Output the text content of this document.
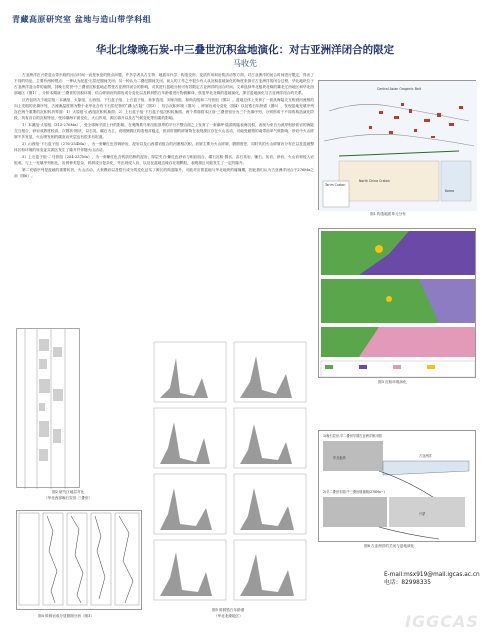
青藏高原研究室 盆地与造山带学科组
华北北缘晚石炭-中三叠世沉积盆地演化：对古亚洲洋闭合的限定
马收先

古亚洲洋在兴蒙造山带东段的闭合时间一直是争论的焦点问题，许多学者从古生物、地质年代学、构造变形、变质作用和岩浆活动等方面，对古亚洲洋的闭合时间进行限定，得出了不同的结论，主要有两种观点：一种认为泥盆-石炭纪期间关闭；另一种认为二叠纪期间关闭。前人的工作之中很少有人从沉积盆地演化的角度来探讨古亚洲洋的闭合过程，华北地块位于古亚洲洋造山带的南侧，其晚石炭世-中三叠世沉积盆地必然受古亚洲洋闭合的影响，对其进行盆地分析可有效限定古亚洲洋的闭合时间。文章选择华北板块北缘的冀北辽西地区和华北西部地区（图1），分析本期前-三叠世的沉积环境、结合碎屑岩的源岩成分变化以及碎屑锆石年龄谱进行物源解译，恢复华北北缘的盆地演化，探讨盆地演化与古亚洲洋闭合的关系。

区内包括九个地层组：本溪组、太原组、山西组、下石盒子组、上石盒子组、孙家沟组、刘家沟组、和尚沟组和二马营组（图2）。盆地总体上发育了一套从海陆交互相到河流相的向上变粗的充填序列，古流流温度图为整个北华北含有下石炭纪物的“湖山古陆”（图3），综合沉积环境（图3）、碎屑岩成分变化（图4）以及锆石年龄谱（图5），发现盆地充填序列存在两个重要的沉积转折界面：1）太原组-山西组沉积转换面；2）上石盒子组-下石盒子组沉积转换面。两个界面将本区前-三叠世划分为三个充填序列，分别形成于不同的构造演化阶段，具有各自的沉积特征，受冲填海平面变化，火山作用，源区填升以及古气候变化等因素的影响。

1）本溪组-太原组（312-276Ma），受全球海平面上升的影响，在奥陶系马家沟组顶界的平行不整合面之上发育了一套潮坪-陆源的陆表海沉积，表现为来自为滨岸相砂质岩的海陆交互相合，砂岩成熟度较高，次圆状-圆状，以石英，碳石为主，说明侧源区构造相对稳定，但同时期的碎屑物在表现源区存在火山活动，可能受碰格的南带前单气候影响，砂岩中火山碎屑不多发显，火山喷发相的碳灰岩夹层也有很多有报道。

2）山西组-下石盒子组（276-254Ma），为一套紫红色首调砂岩，泥岩以及山西裙岩组合的河流相沉积，岩屑主要为火山碎屑，磨圆度差，同时代的火山碎屑岩分布在以及盆地整体区粉环境的转变证实源区发生了隆升并伴随火山活动。

3）上石盒子组-二马营组（254-237Ma），为一套紫红色含钙质结核的泥岩，厚层夹白-紫红色砂岩与相岩组合。碳石沉积-圆状，由石英岩，辅石，灰岩，砂岩，火山岩和侵入岩组成，与上一充填序列相比，岩屑种类复杂，碎屑成分复杂化，并出现侵入岩，以及在盆地边缘存在粗颗粒，表明源区可能发生了一定的隆升。

第二充填序列是盆地的重要转折，火山活动，大套模岩以及锆石成分的变化证实了源区的构造隆升，可能对应着盆地与华北地块的碰撞期，因此我们认为古亚洲洋闭合于276Ma之前（图6）。

Central Asian Orogenic Belt
North China Craton
Tarim Craton
Korea
图1 构造地质单元分布
图3 沉积环境演化
图2 研究区地层对比
（华北西部晚石炭世-三叠世）
图4 碎屑岩成分显微图分析（图3）
图5 碎屑锆石年龄谱
（华北北缘地区）
1)晚石炭世-早二叠世早期古亚洲洋俯冲期
古亚洲洋
华北板块
2)早二叠世末期-中三叠世碰撞期(276Ma~)
兴蒙
图6 古亚洲洋的关闭与盆地演化
E-mail:msx919@mail.igcas.ac.cn
电话：82998335
IGGCAS
